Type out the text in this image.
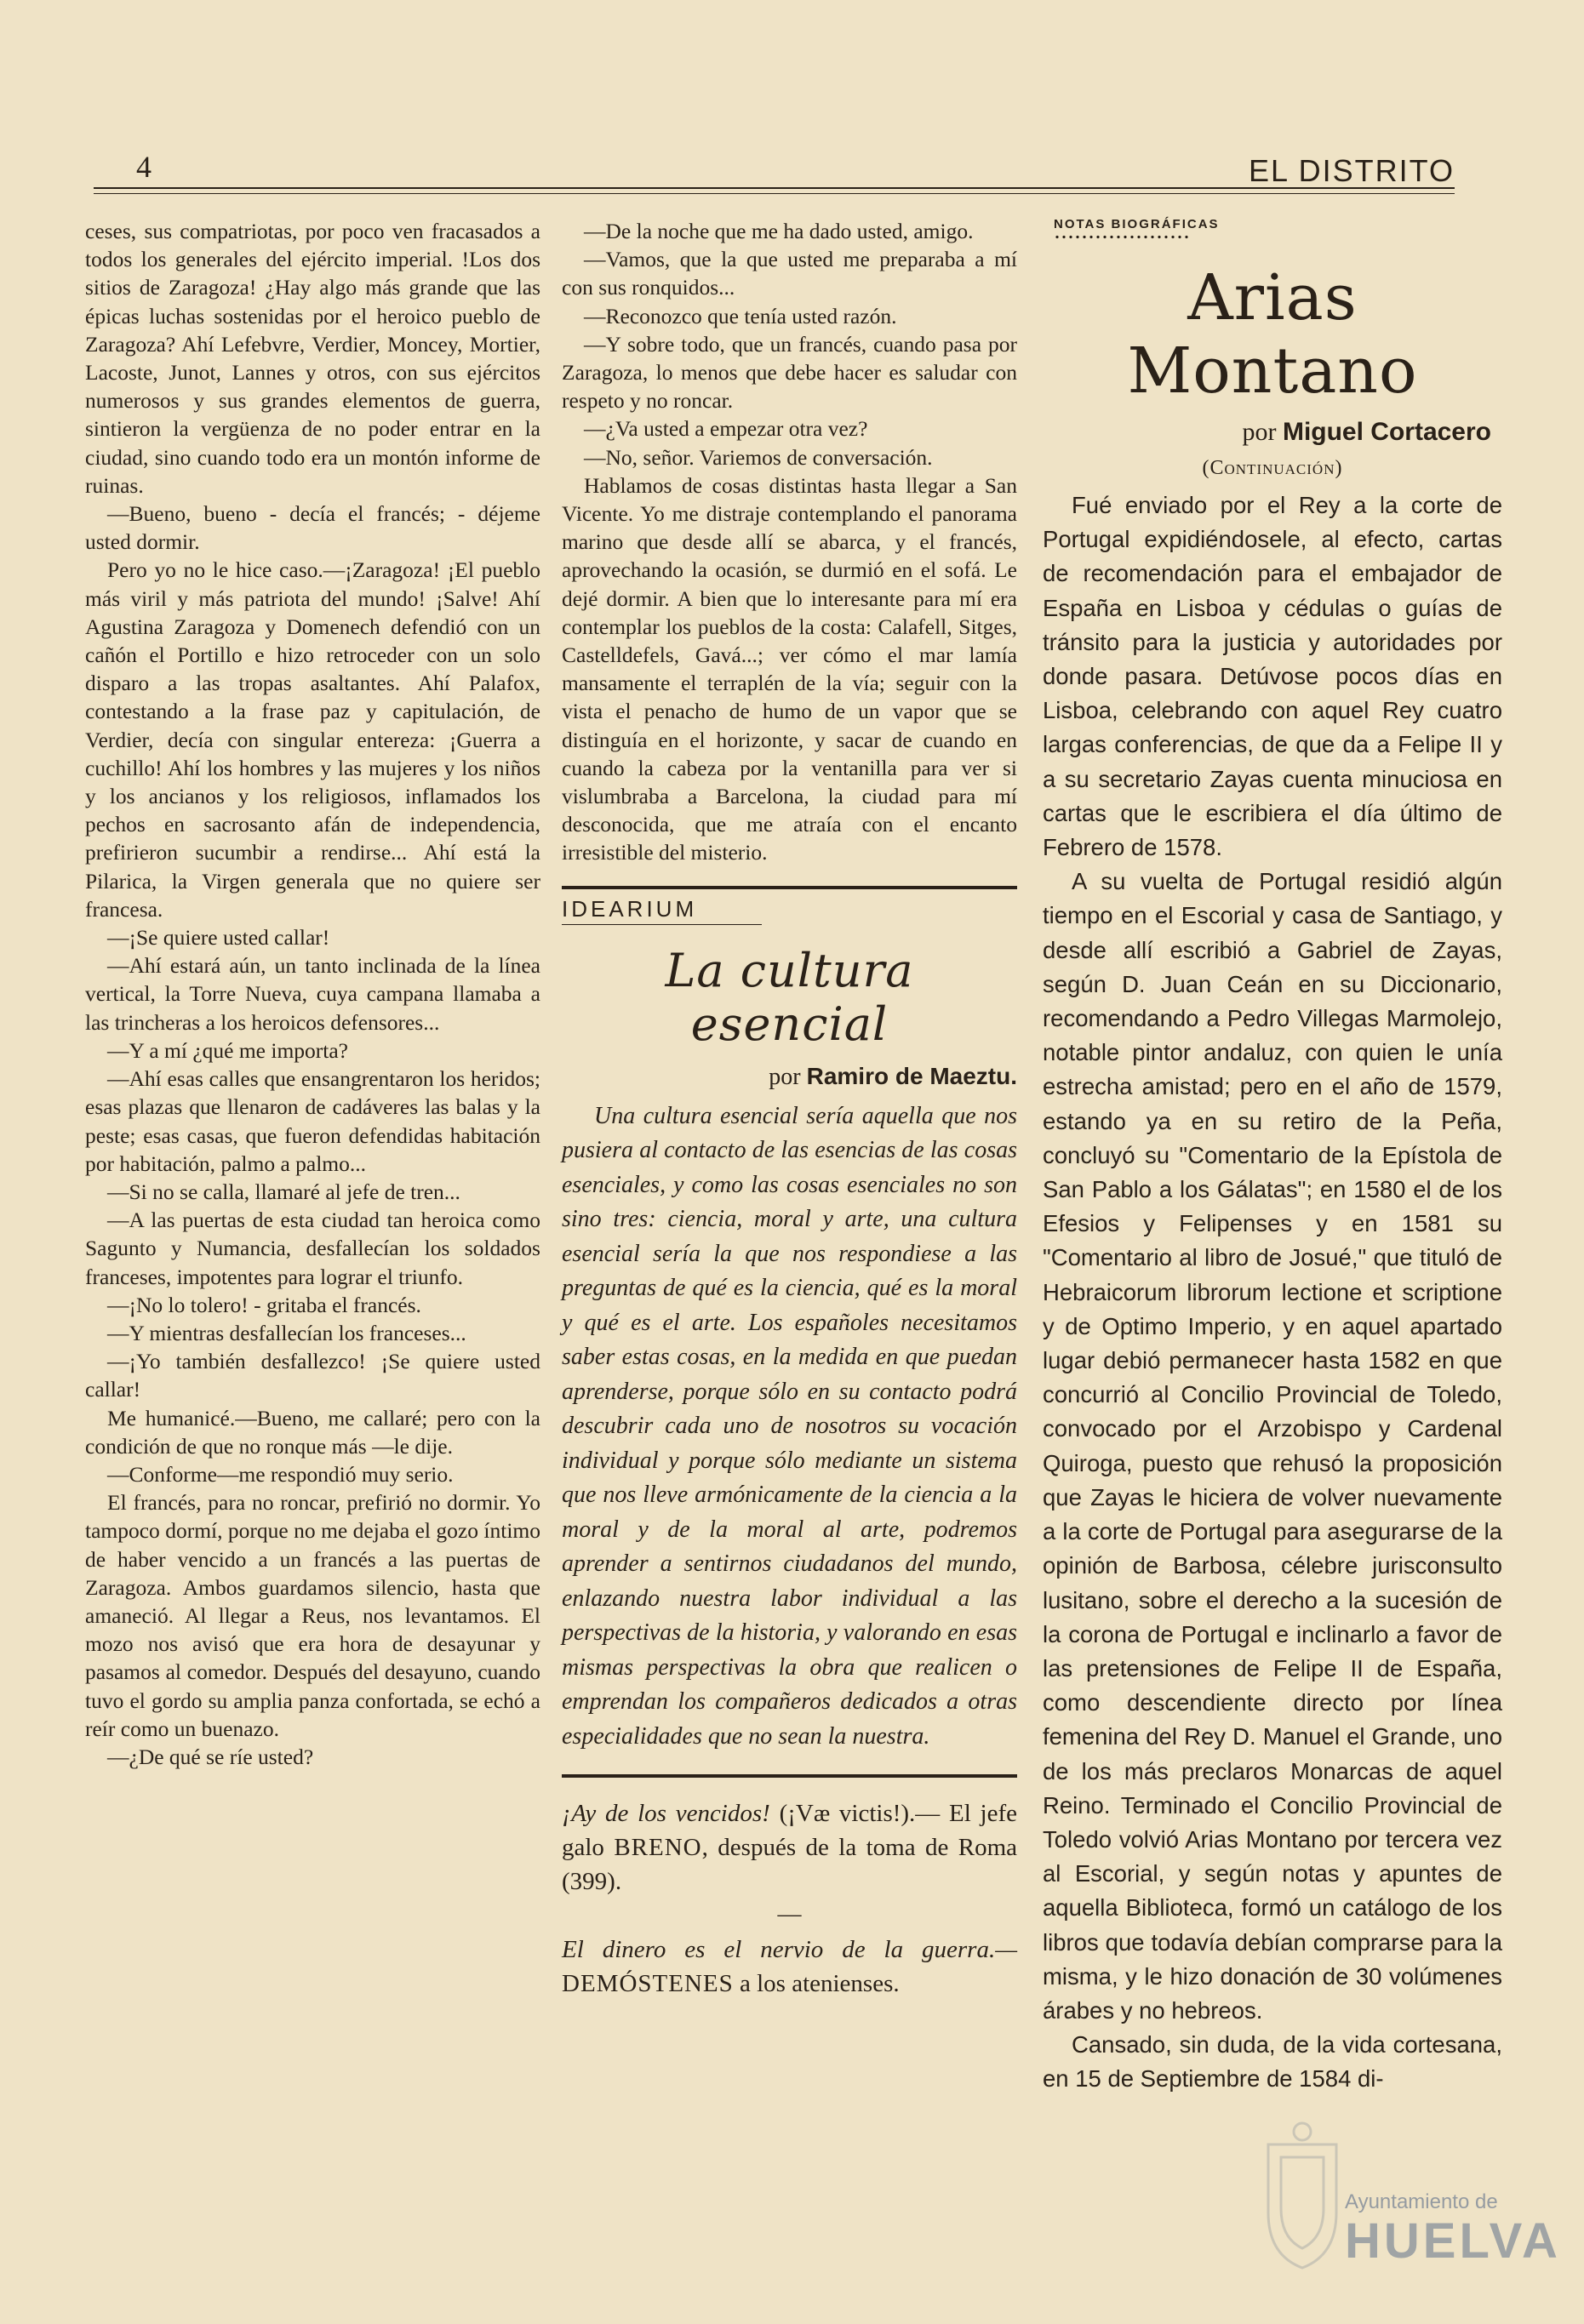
4	EL DISTRITO

ceses, sus compatriotas, por poco ven fracasados a todos los generales del ejército imperial. !Los dos sitios de Zaragoza! ¿Hay algo más grande que las épicas luchas sostenidas por el heroico pueblo de Zaragoza? Ahí Lefebvre, Verdier, Moncey, Mortier, Lacoste, Junot, Lannes y otros, con sus ejércitos numerosos y sus grandes elementos de guerra, sintieron la vergüenza de no poder entrar en la ciudad, sino cuando todo era un montón informe de ruinas.

—Bueno, bueno - decía el francés; - déjeme usted dormir.

Pero yo no le hice caso.—¡Zaragoza! ¡El pueblo más viril y más patriota del mundo! ¡Salve! Ahí Agustina Zaragoza y Domenech defendió con un cañón el Portillo e hizo retroceder con un solo disparo a las tropas asaltantes. Ahí Palafox, contestando a la frase paz y capitulación, de Verdier, decía con singular entereza: ¡Guerra a cuchillo! Ahí los hombres y las mujeres y los niños y los ancianos y los religiosos, inflamados los pechos en sacrosanto afán de independencia, prefirieron sucumbir a rendirse... Ahí está la Pilarica, la Virgen generala que no quiere ser francesa.

—¡Se quiere usted callar!

—Ahí estará aún, un tanto inclinada de la línea vertical, la Torre Nueva, cuya campana llamaba a las trincheras a los heroicos defensores...

—Y a mí ¿qué me importa?

—Ahí esas calles que ensangrentaron los heridos; esas plazas que llenaron de cadáveres las balas y la peste; esas casas, que fueron defendidas habitación por habitación, palmo a palmo...

—Si no se calla, llamaré al jefe de tren...

—A las puertas de esta ciudad tan heroica como Sagunto y Numancia, desfallecían los soldados franceses, impotentes para lograr el triunfo.

—¡No lo tolero! - gritaba el francés.

—Y mientras desfallecían los franceses...

—¡Yo también desfallezco! ¡Se quiere usted callar!

Me humanicé.—Bueno, me callaré; pero con la condición de que no ronque más —le dije.

—Conforme—me respondió muy serio.

El francés, para no roncar, prefirió no dormir. Yo tampoco dormí, porque no me dejaba el gozo íntimo de haber vencido a un francés a las puertas de Zaragoza. Ambos guardamos silencio, hasta que amaneció. Al llegar a Reus, nos levantamos. El mozo nos avisó que era hora de desayunar y pasamos al comedor. Después del desayuno, cuando tuvo el gordo su amplia panza confortada, se echó a reír como un buenazo.

—¿De qué se ríe usted?

—De la noche que me ha dado usted, amigo.

—Vamos, que la que usted me preparaba a mí con sus ronquidos...

—Reconozco que tenía usted razón.

—Y sobre todo, que un francés, cuando pasa por Zaragoza, lo menos que debe hacer es saludar con respeto y no roncar.

—¿Va usted a empezar otra vez?

—No, señor. Variemos de conversación.

Hablamos de cosas distintas hasta llegar a San Vicente. Yo me distraje contemplando el panorama marino que desde allí se abarca, y el francés, aprovechando la ocasión, se durmió en el sofá. Le dejé dormir. A bien que lo interesante para mí era contemplar los pueblos de la costa: Calafell, Sitges, Castelldefels, Gavá...; ver cómo el mar lamía mansamente el terraplén de la vía; seguir con la vista el penacho de humo de un vapor que se distinguía en el horizonte, y sacar de cuando en cuando la cabeza por la ventanilla para ver si vislumbraba a Barcelona, la ciudad para mí desconocida, que me atraía con el encanto irresistible del misterio.

IDEARIUM
La cultura esencial
por Ramiro de Maeztu.

Una cultura esencial sería aquella que nos pusiera al contacto de las esencias de las cosas esenciales, y como las cosas esenciales no son sino tres: ciencia, moral y arte, una cultura esencial sería la que nos respondiese a las preguntas de qué es la ciencia, qué es la moral y qué es el arte. Los españoles necesitamos saber estas cosas, en la medida en que puedan aprenderse, porque sólo en su contacto podrá descubrir cada uno de nosotros su vocación individual y porque sólo mediante un sistema que nos lleve armónicamente de la ciencia a la moral y de la moral al arte, podremos aprender a sentirnos ciudadanos del mundo, enlazando nuestra labor individual a las perspectivas de la historia, y valorando en esas mismas perspectivas la obra que realicen o emprendan los compañeros dedicados a otras especialidades que no sean la nuestra.

¡Ay de los vencidos! (¡Væ victis!).— El jefe galo BRENO, después de la toma de Roma (399).

—

El dinero es el nervio de la guerra.— DEMÓSTENES a los atenienses.

NOTAS BIOGRÁFICAS
Arias Montano
por Miguel Cortacero
(Continuación)

Fué enviado por el Rey a la corte de Portugal expidiéndosele, al efecto, cartas de recomendación para el embajador de España en Lisboa y cédulas o guías de tránsito para la justicia y autoridades por donde pasara. Detúvose pocos días en Lisboa, celebrando con aquel Rey cuatro largas conferencias, de que da a Felipe II y a su secretario Zayas cuenta minuciosa en cartas que le escribiera el día último de Febrero de 1578.

A su vuelta de Portugal residió algún tiempo en el Escorial y casa de Santiago, y desde allí escribió a Gabriel de Zayas, según D. Juan Ceán en su Diccionario, recomendando a Pedro Villegas Marmolejo, notable pintor andaluz, con quien le unía estrecha amistad; pero en el año de 1579, estando ya en su retiro de la Peña, concluyó su "Comentario de la Epístola de San Pablo a los Gálatas"; en 1580 el de los Efesios y Felipenses y en 1581 su "Comentario al libro de Josué," que tituló de Hebraicorum librorum lectione et scriptione y de Optimo Imperio, y en aquel apartado lugar debió permanecer hasta 1582 en que concurrió al Concilio Provincial de Toledo, convocado por el Arzobispo y Cardenal Quiroga, puesto que rehusó la proposición que Zayas le hiciera de volver nuevamente a la corte de Portugal para asegurarse de la opinión de Barbosa, célebre jurisconsulto lusitano, sobre el derecho a la sucesión de la corona de Portugal e inclinarlo a favor de las pretensiones de Felipe II de España, como descendiente directo por línea femenina del Rey D. Manuel el Grande, uno de los más preclaros Monarcas de aquel Reino. Terminado el Concilio Provincial de Toledo volvió Arias Montano por tercera vez al Escorial, y según notas y apuntes de aquella Biblioteca, formó un catálogo de los libros que todavía debían comprarse para la misma, y le hizo donación de 30 volúmenes árabes y no hebreos.

Cansado, sin duda, de la vida cortesana, en 15 de Septiembre de 1584 di-

Ayuntamiento de
HUELVA
